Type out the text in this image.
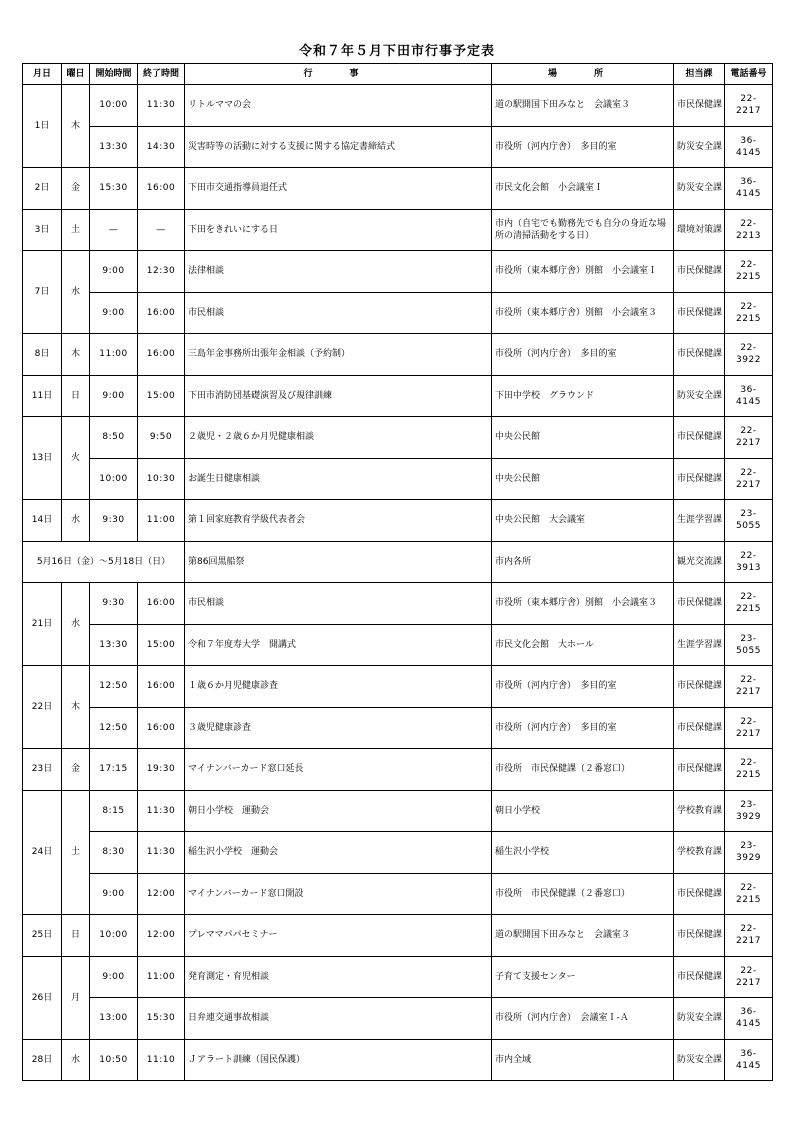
令和７年５月下田市行事予定表
月日	曜日	開始時間	終了時間	行　事	場　所	担当課	電話番号
1日	木	10:00	11:30	リトルママの会	道の駅開国下田みなと　会議室３	市民保健課	22-2217
		13:30	14:30	災害時等の活動に対する支援に関する協定書締結式	市役所（河内庁舎）　多目的室	防災安全課	36-4145
2日	金	15:30	16:00	下田市交通指導員退任式	市民文化会館　小会議室Ｉ	防災安全課	36-4145
3日	土	—	—	下田をきれいにする日	市内（自宅でも勤務先でも自分の身近な場所の清掃活動をする日）	環境対策課	22-2213
7日	水	9:00	12:30	法律相談	市役所（東本郷庁舎）別館　小会議室Ｉ	市民保健課	22-2215
		9:00	16:00	市民相談	市役所（東本郷庁舎）別館　小会議室３	市民保健課	22-2215
8日	木	11:00	16:00	三島年金事務所出張年金相談（予約制）	市役所（河内庁舎）　多目的室	市民保健課	22-3922
11日	日	9:00	15:00	下田市消防団基礎演習及び規律訓練	下田中学校　グラウンド	防災安全課	36-4145
13日	火	8:50	9:50	２歳児・２歳６か月児健康相談	中央公民館	市民保健課	22-2217
		10:00	10:30	お誕生日健康相談	中央公民館	市民保健課	22-2217
14日	水	9:30	11:00	第１回家庭教育学級代表者会	中央公民館　大会議室	生涯学習課	23-5055
5月16日（金）～5月18日（日）				第86回黒船祭	市内各所	観光交流課	22-3913
21日	水	9:30	16:00	市民相談	市役所（東本郷庁舎）別館　小会議室３	市民保健課	22-2215
		13:30	15:00	令和７年度寿大学　開講式	市民文化会館　大ホール	生涯学習課	23-5055
22日	木	12:50	16:00	１歳６か月児健康診査	市役所（河内庁舎）　多目的室	市民保健課	22-2217
		12:50	16:00	３歳児健康診査	市役所（河内庁舎）　多目的室	市民保健課	22-2217
23日	金	17:15	19:30	マイナンバーカード窓口延長	市役所　市民保健課（２番窓口）	市民保健課	22-2215
24日	土	8:15	11:30	朝日小学校　運動会	朝日小学校	学校教育課	23-3929
		8:30	11:30	稲生沢小学校　運動会	稲生沢小学校	学校教育課	23-3929
		9:00	12:00	マイナンバーカード窓口開設	市役所　市民保健課（２番窓口）	市民保健課	22-2215
25日	日	10:00	12:00	プレママパパセミナー	道の駅開国下田みなと　会議室３	市民保健課	22-2217
26日	月	9:00	11:00	発育測定・育児相談	子育て支援センター	市民保健課	22-2217
		13:00	15:30	日弁連交通事故相談	市役所（河内庁舎）　会議室Ｉ-Ａ	防災安全課	36-4145
28日	水	10:50	11:10	Ｊアラート訓練（国民保護）	市内全域	防災安全課	36-4145
